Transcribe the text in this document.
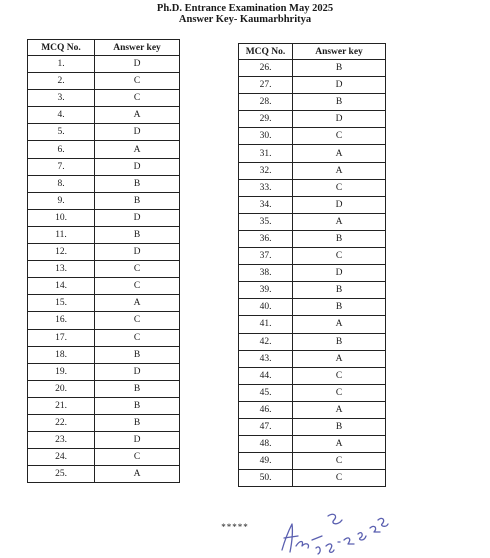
Ph.D. Entrance Examination May 2025
Answer Key- Kaumarbhritya
MCQ No.	Answer key
1.	D
2.	C
3.	C
4.	A
5.	D
6.	A
7.	D
8.	B
9.	B
10.	D
11.	B
12.	D
13.	C
14.	C
15.	A
16.	C
17.	C
18.	B
19.	D
20.	B
21.	B
22.	B
23.	D
24.	C
25.	A
MCQ No.	Answer key
26.	B
27.	D
28.	B
29.	D
30.	C
31.	A
32.	A
33.	C
34.	D
35.	A
36.	B
37.	C
38.	D
39.	B
40.	B
41.	A
42.	B
43.	A
44.	C
45.	C
46.	A
47.	B
48.	A
49.	C
50.	C
*****
